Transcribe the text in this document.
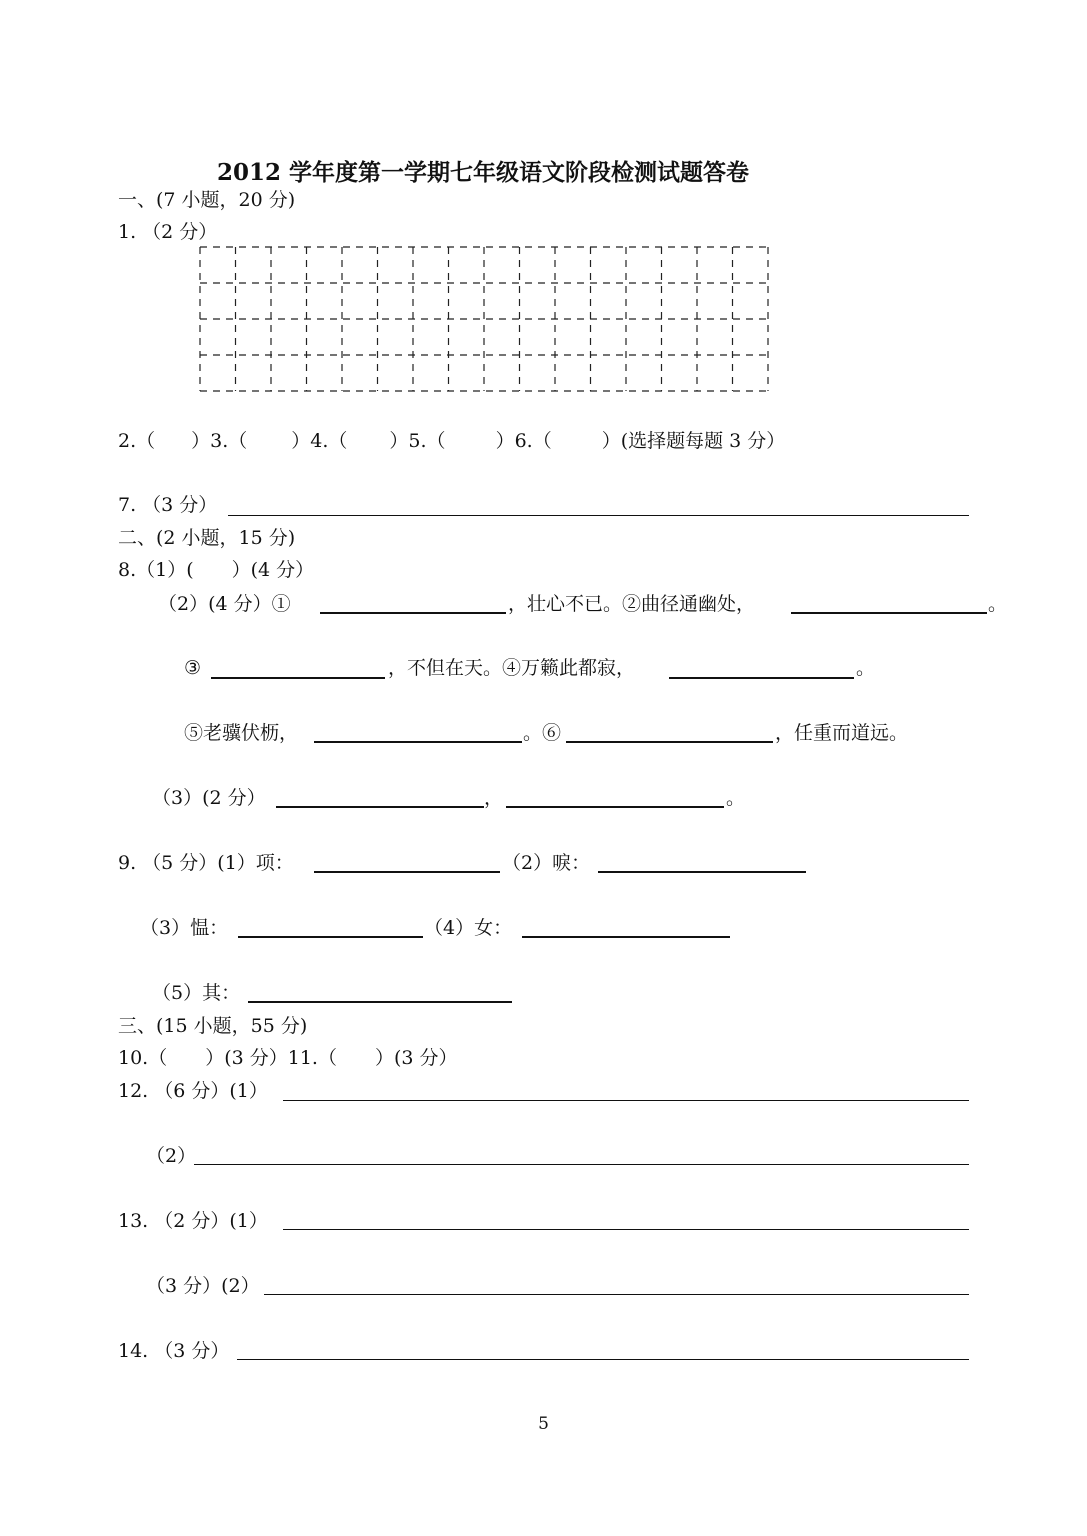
2012 学年度第一学期七年级语文阶段检测试题答卷
一、(7 小题，20 分)
1. （2 分）
2.（ ）3.（ ）4.（ ）5.（	）6.（	）(选择题每题 3 分）
7. （3 分）
二、(2 小题，15 分)
8.（1）(　　）(4 分）
（2）(4 分）①	，壮心不已。②曲径通幽处，	。
③	，不但在天。④万籁此都寂，	。
⑤老骥伏枥，	。⑥	，任重而道远。
（3）(2 分）	，	。
9. （5 分）(1）项：	（2）唳：
（3）愠：	（4）女：
（5）其：
三、(15 小题，55 分)
10.（　　）(3 分）11.（　　）(3 分）
12. （6 分）(1）
（2）
13. （2 分）(1）
（3 分）(2）
14. （3 分）
5
